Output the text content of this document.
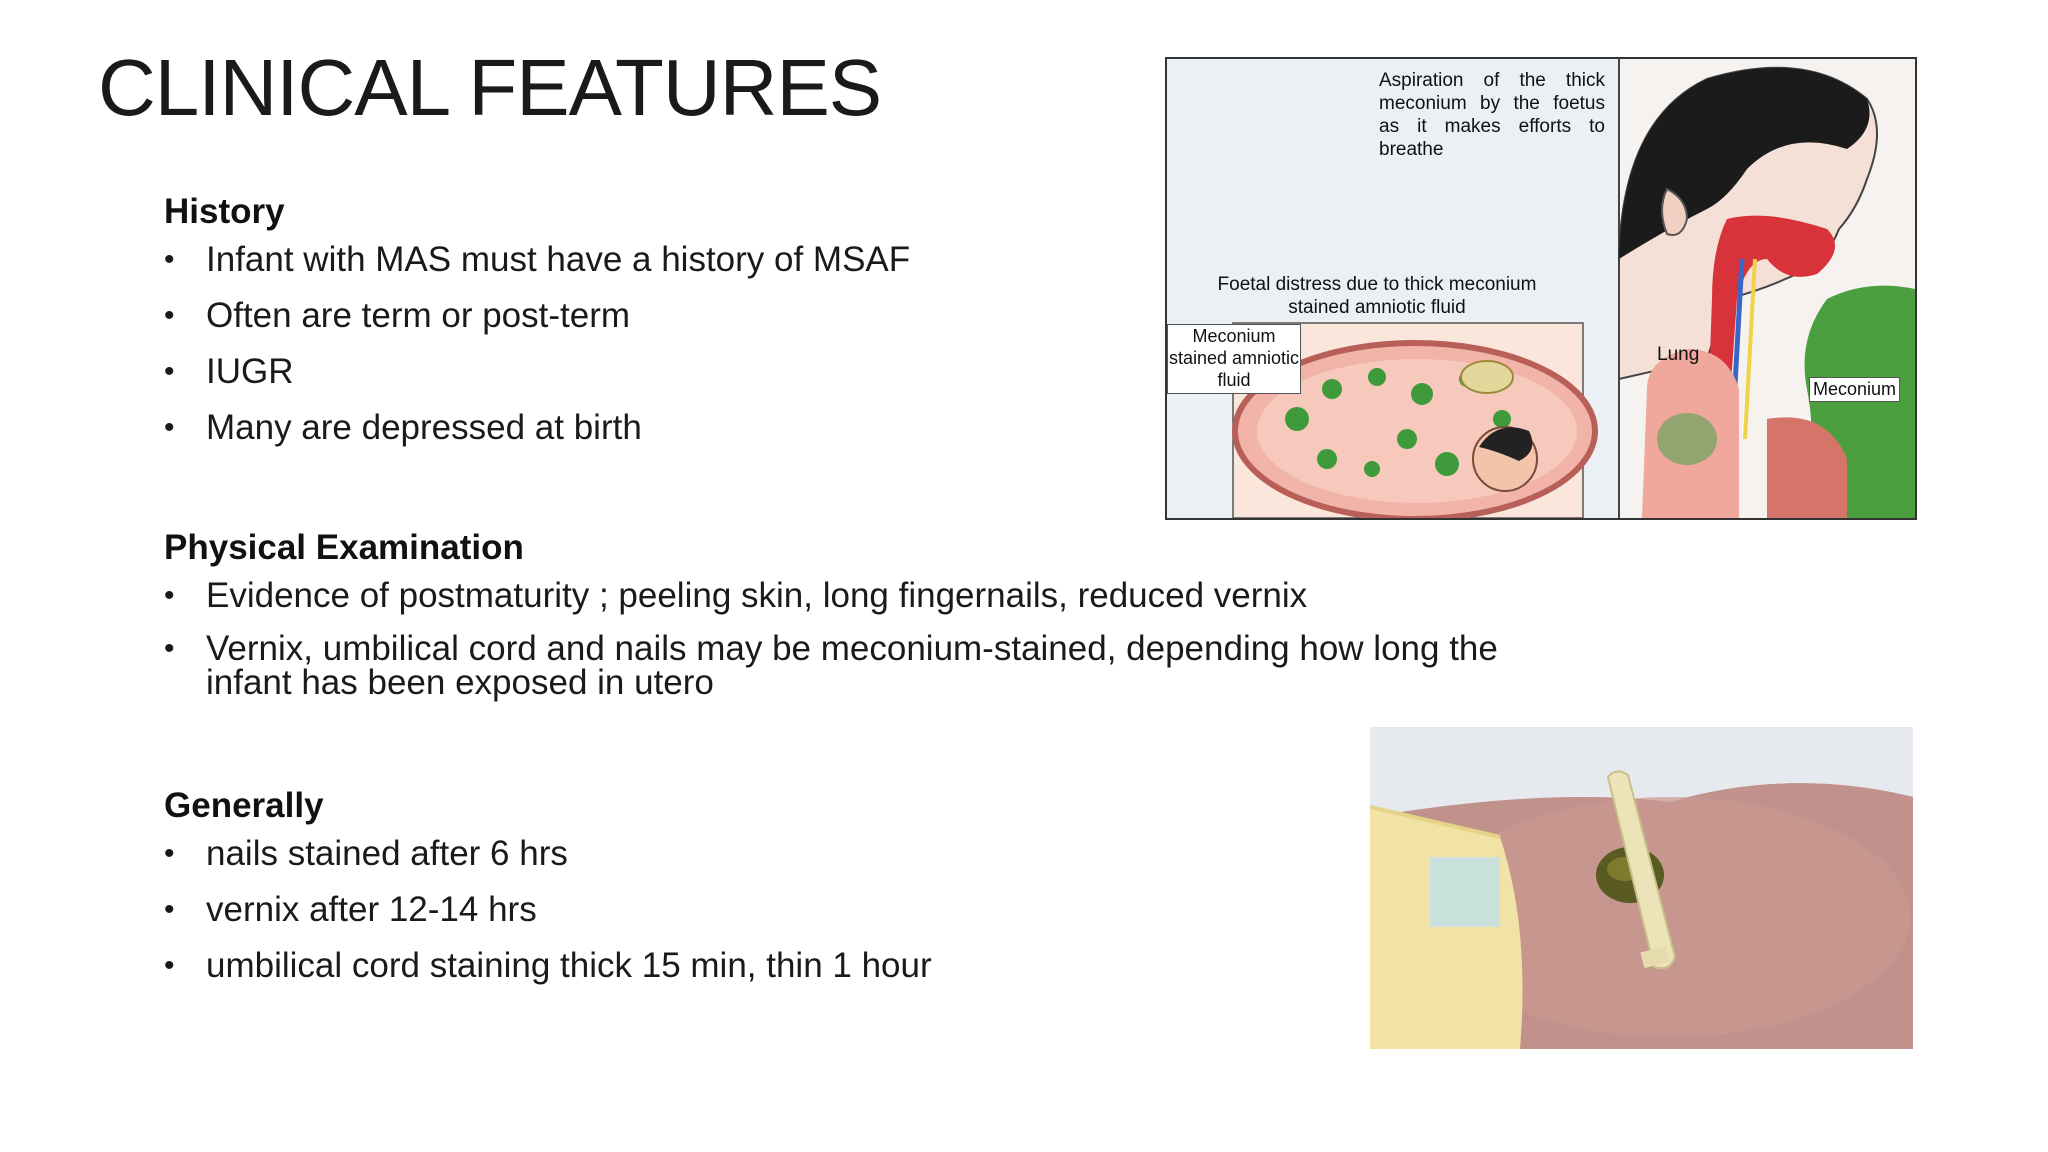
CLINICAL FEATURES
History
• Infant with MAS must have a history of MSAF
• Often are term or post-term
• IUGR
• Many are depressed at birth
Physical Examination
• Evidence of postmaturity ; peeling skin, long fingernails, reduced vernix
• Vernix, umbilical cord and nails may be meconium-stained, depending how long the infant has been exposed in utero
Generally
• nails stained after 6 hrs
• vernix after 12-14 hrs
• umbilical cord staining thick 15 min, thin 1 hour
Aspiration of the thick meconium by the foetus as it makes efforts to breathe
Foetal distress due to thick meconium stained amniotic fluid
Meconium stained amniotic fluid
Lung
Meconium
